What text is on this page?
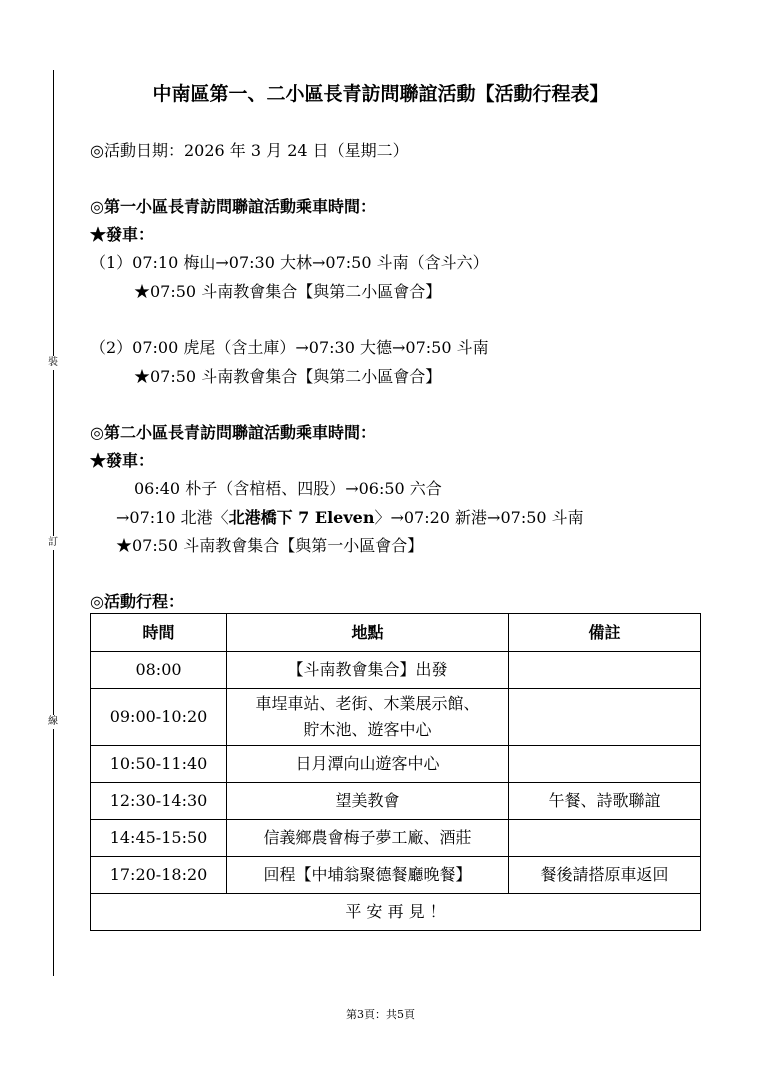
裝
訂
線
中南區第一、二小區長青訪問聯誼活動【活動行程表】
◎活動日期：2026 年 3 月 24 日（星期二）
◎第一小區長青訪問聯誼活動乘車時間：
★發車：
（1）07:10 梅山→07:30 大林→07:50 斗南（含斗六）
★07:50 斗南教會集合【與第二小區會合】
（2）07:00 虎尾（含土庫）→07:30 大德→07:50 斗南
★07:50 斗南教會集合【與第二小區會合】
◎第二小區長青訪問聯誼活動乘車時間：
★發車：
06:40 朴子（含棺梧、四股）→06:50 六合
→07:10 北港〈北港橋下 7 Eleven〉→07:20 新港→07:50 斗南
★07:50 斗南教會集合【與第一小區會合】
◎活動行程：
時間	地點	備註
08:00	【斗南教會集合】出發	
09:00-10:20	車埕車站、老街、木業展示館、
貯木池、遊客中心	
10:50-11:40	日月潭向山遊客中心	
12:30-14:30	望美教會	午餐、詩歌聯誼
14:45-15:50	信義鄉農會梅子夢工廠、酒莊	
17:20-18:20	回程【中埔翁聚德餐廳晚餐】	餐後請搭原車返回
平 安 再 見 ！		
第3頁：共5頁
